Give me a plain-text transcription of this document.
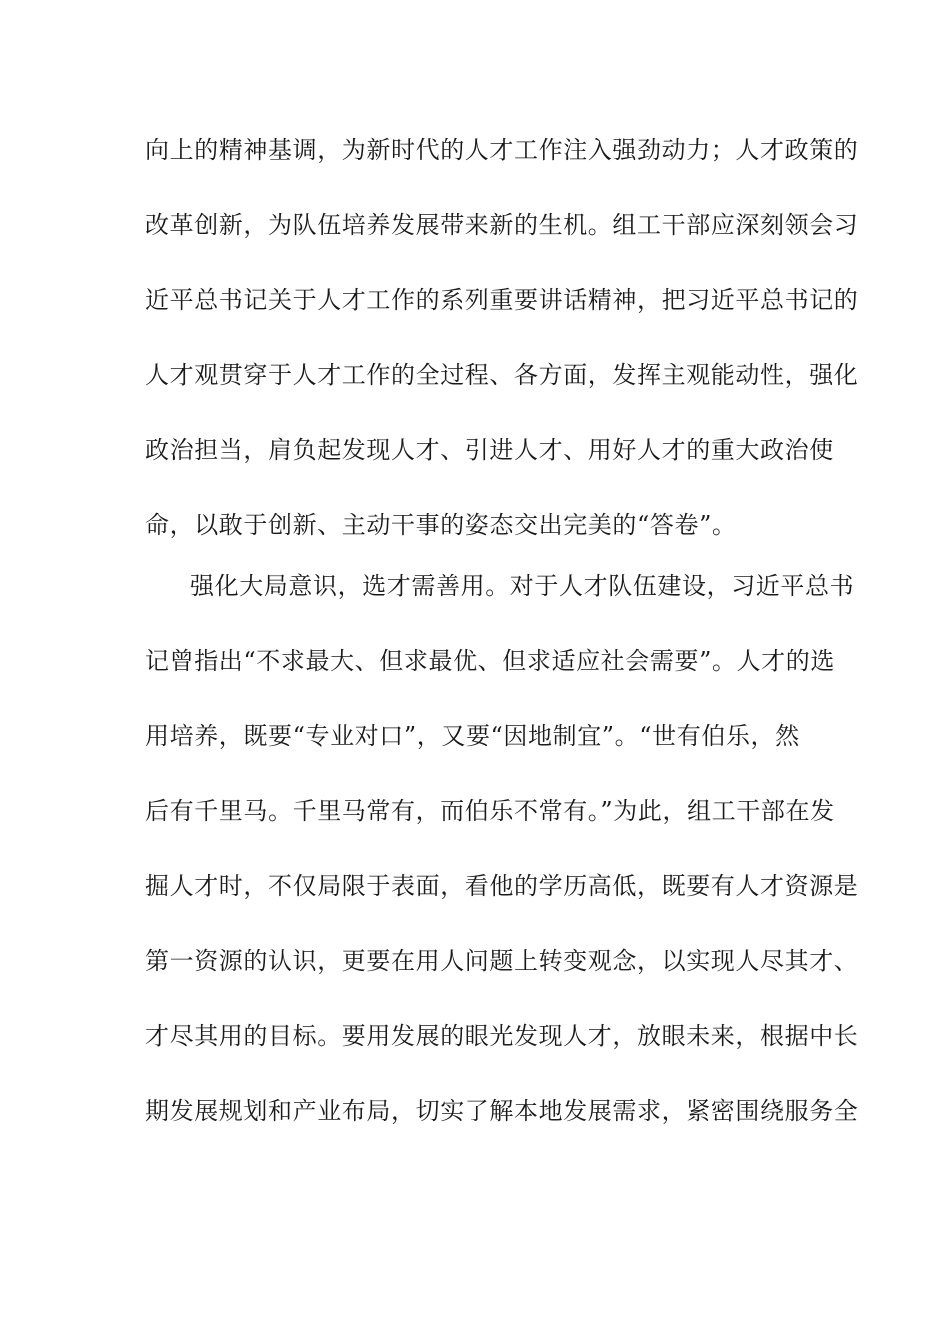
向上的精神基调，为新时代的人才工作注入强劲动力；人才政策的
改革创新，为队伍培养发展带来新的生机。组工干部应深刻领会习
近平总书记关于人才工作的系列重要讲话精神，把习近平总书记的
人才观贯穿于人才工作的全过程、各方面，发挥主观能动性，强化
政治担当，肩负起发现人才、引进人才、用好人才的重大政治使
命，以敢于创新、主动干事的姿态交出完美的“答卷”。
强化大局意识，选才需善用。对于人才队伍建设，习近平总书
记曾指出“不求最大、但求最优、但求适应社会需要”。人才的选
用培养，既要“专业对口”，又要“因地制宜”。“世有伯乐，然
后有千里马。千里马常有，而伯乐不常有。”为此，组工干部在发
掘人才时，不仅局限于表面，看他的学历高低，既要有人才资源是
第一资源的认识，更要在用人问题上转变观念，以实现人尽其才、
才尽其用的目标。要用发展的眼光发现人才，放眼未来，根据中长
期发展规划和产业布局，切实了解本地发展需求，紧密围绕服务全
